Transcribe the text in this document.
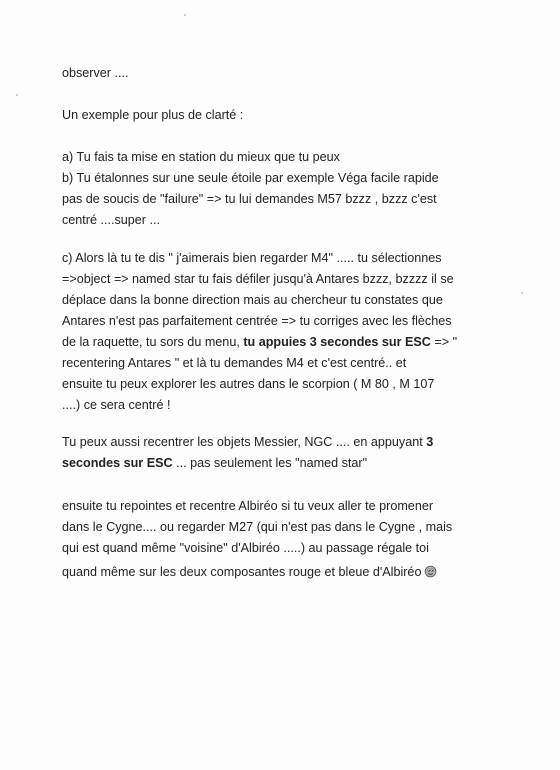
observer ....
Un exemple pour plus de clarté :
a) Tu fais ta mise en station du mieux que tu peux
b) Tu étalonnes sur une seule étoile par exemple Véga facile rapide
pas de soucis de "failure" => tu lui demandes M57 bzzz , bzzz c'est
centré ....super ...
c) Alors là tu te dis " j'aimerais bien regarder M4" ..... tu sélectionnes
=>object => named star tu fais défiler jusqu'à Antares bzzz, bzzzz il se
déplace dans la bonne direction mais au chercheur tu constates que
Antares n'est pas parfaitement centrée => tu corriges avec les flèches
de la raquette, tu sors du menu, tu appuies 3 secondes sur ESC => "
recentering Antares " et là tu demandes M4 et c'est centré.. et
ensuite tu peux explorer les autres dans le scorpion ( M 80 , M 107
....) ce sera centré !
Tu peux aussi recentrer les objets Messier, NGC .... en appuyant 3
secondes sur ESC ... pas seulement les "named star"
ensuite tu repointes et recentre Albiréo si tu veux aller te promener
dans le Cygne.... ou regarder M27 (qui n'est pas dans le Cygne , mais
qui est quand même "voisine" d'Albiréo .....) au passage régale toi
quand même sur les deux composantes rouge et bleue d'Albiréo
